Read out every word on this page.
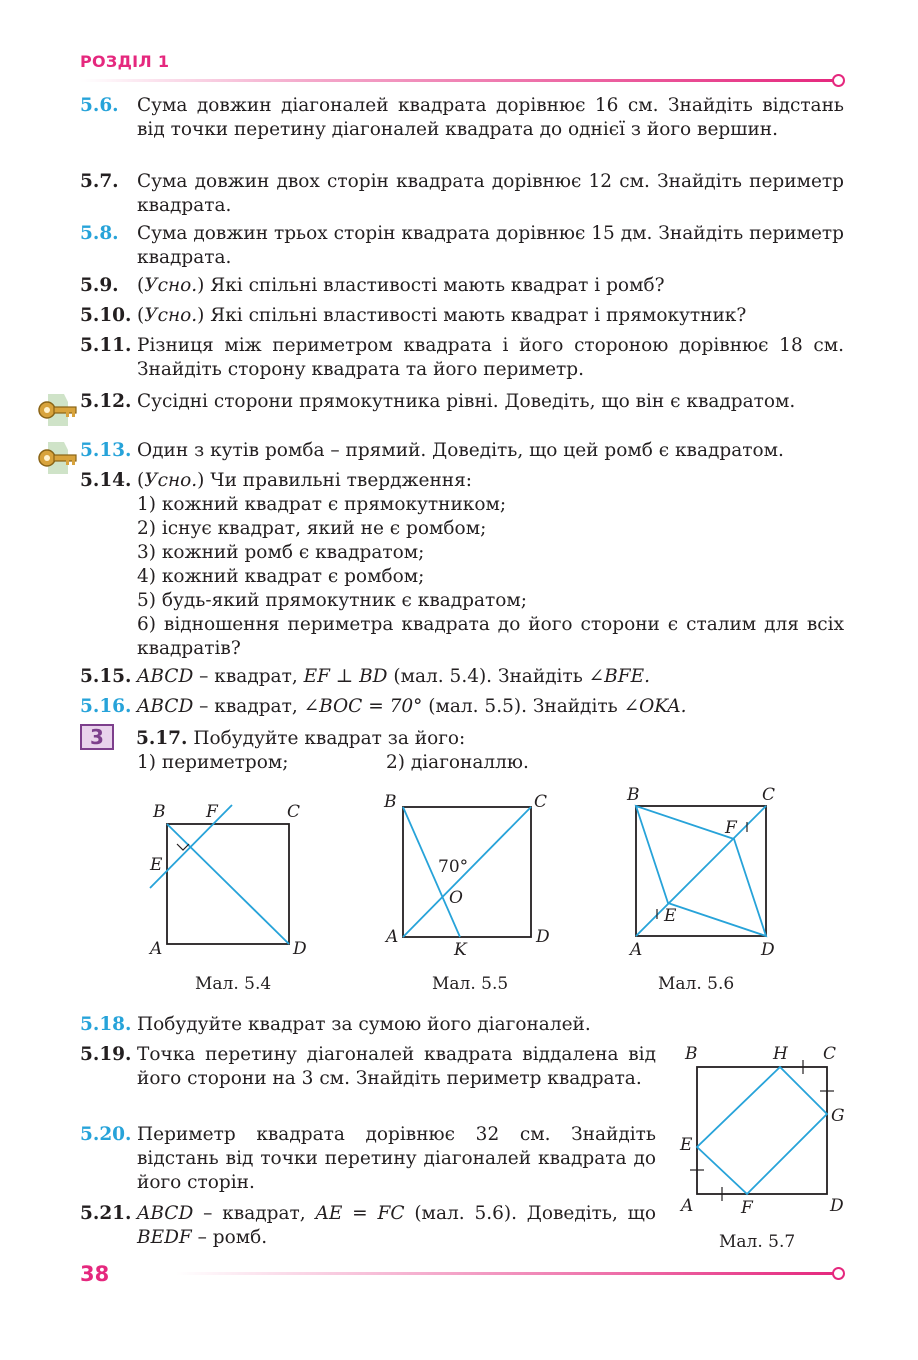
РОЗДІЛ 1
5.6. Сума довжин діагоналей квадрата дорівнює 16 см. Знайдіть відстань від точки перетину діагоналей квадрата до однієї з його вершин.
5.7. Сума довжин двох сторін квадрата дорівнює 12 см. Знайдіть периметр квадрата.
5.8. Сума довжин трьох сторін квадрата дорівнює 15 дм. Знайдіть периметр квадрата.
5.9. (Усно.) Які спільні властивості мають квадрат і ромб?
5.10. (Усно.) Які спільні властивості мають квадрат і прямокутник?
5.11. Різниця між периметром квадрата і його стороною дорівнює 18 см. Знайдіть сторону квадрата та його периметр.
5.12. Сусідні сторони прямокутника рівні. Доведіть, що він є квадратом.
5.13. Один з кутів ромба – прямий. Доведіть, що цей ромб є квадратом.
5.14. (Усно.) Чи правильні твердження:
1) кожний квадрат є прямокутником;
2) існує квадрат, який не є ромбом;
3) кожний ромб є квадратом;
4) кожний квадрат є ромбом;
5) будь-який прямокутник є квадратом;
6) відношення периметра квадрата до його сторони є сталим для всіх квадратів?
5.15. ABCD – квадрат, EF ⊥ BD (мал. 5.4). Знайдіть ∠BFE.
5.16. ABCD – квадрат, ∠BOC = 70° (мал. 5.5). Знайдіть ∠OKA.
3 5.17. Побудуйте квадрат за його:
1) периметром;	2) діагоналлю.
B F	C
E
A	D
Мал. 5.4
B	C
70°
O
A
K
D
Мал. 5.5
B	C
F
E
A	D
Мал. 5.6
5.18. Побудуйте квадрат за сумою його діагоналей.
5.19. Точка перетину діагоналей квадрата віддалена від його сторони на 3 см. Знайдіть периметр квадрата.
5.20. Периметр квадрата дорівнює 32 см. Знайдіть відстань від точки перетину діагоналей квадрата до його сторін.
5.21. ABCD – квадрат, AE = FC (мал. 5.6). Доведіть, що BEDF – ромб.
B	H C
G
E
A	F	D
Мал. 5.7
38
